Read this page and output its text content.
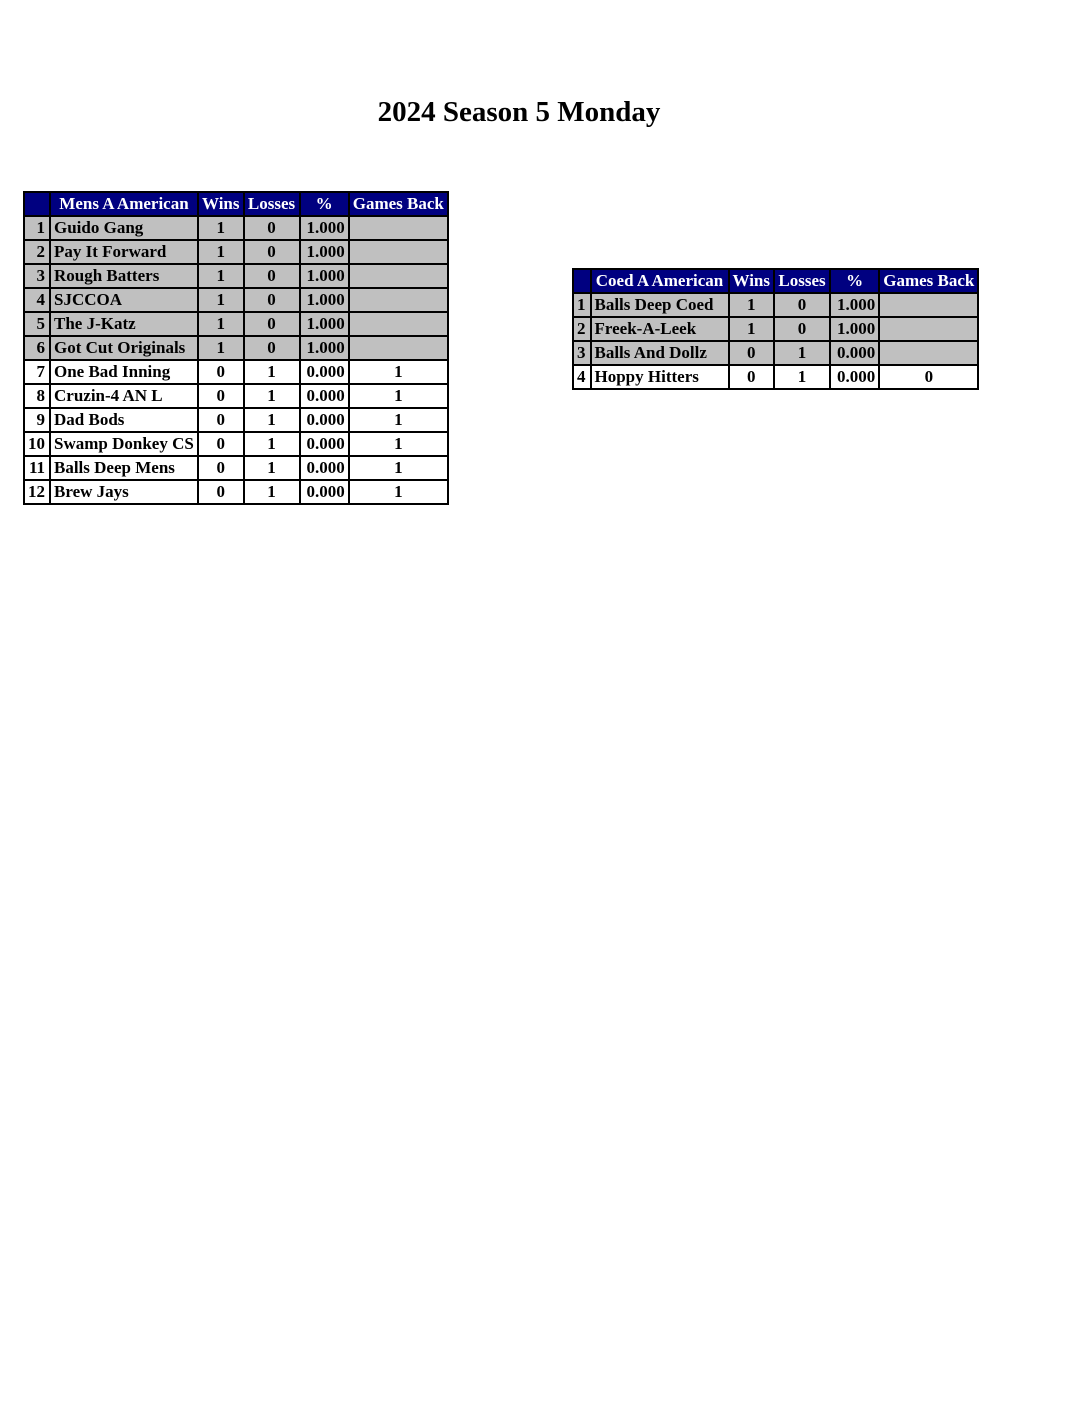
2024 Season 5 Monday
	Mens A American	Wins	Losses	%	Games Back
1	Guido Gang	1	0	1.000	
2	Pay It Forward	1	0	1.000	
3	Rough Batters	1	0	1.000	
4	SJCCOA	1	0	1.000	
5	The J-Katz	1	0	1.000	
6	Got Cut Originals	1	0	1.000	
7	One Bad Inning	0	1	0.000	1
8	Cruzin-4 AN L	0	1	0.000	1
9	Dad Bods	0	1	0.000	1
10	Swamp Donkey CS	0	1	0.000	1
11	Balls Deep Mens	0	1	0.000	1
12	Brew Jays	0	1	0.000	1
	Coed A American	Wins	Losses	%	Games Back
1	Balls Deep Coed	1	0	1.000	
2	Freek-A-Leek	1	0	1.000	
3	Balls And Dollz	0	1	0.000	
4	Hoppy Hitters	0	1	0.000	0
